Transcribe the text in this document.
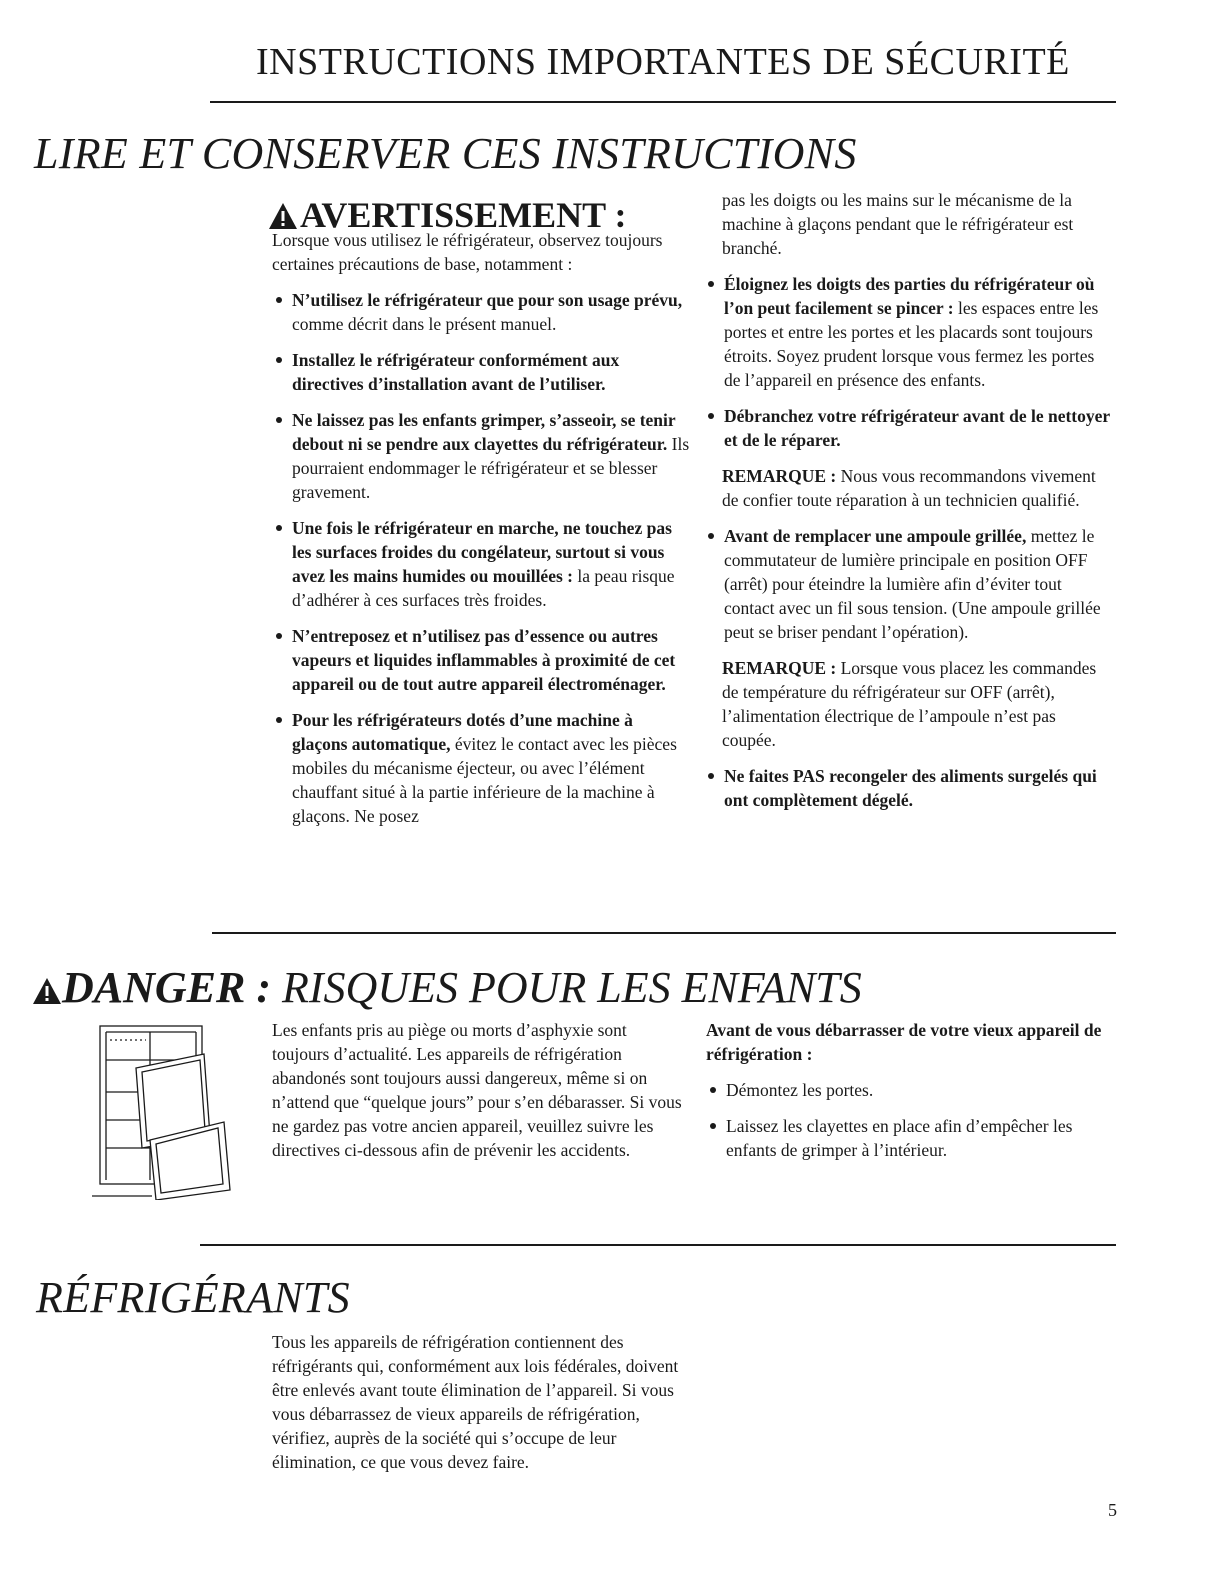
INSTRUCTIONS IMPORTANTES DE SÉCURITÉ
LIRE ET CONSERVER CES INSTRUCTIONS
AVERTISSEMENT :

Lorsque vous utilisez le réfrigérateur, observez toujours certaines précautions de base, notamment :

N’utilisez le réfrigérateur que pour son usage prévu, comme décrit dans le présent manuel.
Installez le réfrigérateur conformément aux directives d’installation avant de l’utiliser.
Ne laissez pas les enfants grimper, s’asseoir, se tenir debout ni se pendre aux clayettes du réfrigérateur. Ils pourraient endommager le réfrigérateur et se blesser gravement.
Une fois le réfrigérateur en marche, ne touchez pas les surfaces froides du congélateur, surtout si vous avez les mains humides ou mouillées : la peau risque d’adhérer à ces surfaces très froides.
N’entreposez et n’utilisez pas d’essence ou autres vapeurs et liquides inflammables à proximité de cet appareil ou de tout autre appareil électroménager.
Pour les réfrigérateurs dotés d’une machine à glaçons automatique, évitez le contact avec les pièces mobiles du mécanisme éjecteur, ou avec l’élément chauffant situé à la partie inférieure de la machine à glaçons. Ne posez

pas les doigts ou les mains sur le mécanisme de la machine à glaçons pendant que le réfrigérateur est branché.

Éloignez les doigts des parties du réfrigérateur où l’on peut facilement se pincer : les espaces entre les portes et entre les portes et les placards sont toujours étroits. Soyez prudent lorsque vous fermez les portes de l’appareil en présence des enfants.
Débranchez votre réfrigérateur avant de le nettoyer et de le réparer.

REMARQUE : Nous vous recommandons vivement de confier toute réparation à un technicien qualifié.

Avant de remplacer une ampoule grillée, mettez le commutateur de lumière principale en position OFF (arrêt) pour éteindre la lumière afin d’éviter tout contact avec un fil sous tension. (Une ampoule grillée peut se briser pendant l’opération).

REMARQUE : Lorsque vous placez les commandes de température du réfrigérateur sur OFF (arrêt), l’alimentation électrique de l’ampoule n’est pas coupée.

Ne faites PAS recongeler des aliments surgelés qui ont complètement dégelé.
DANGER : RISQUES POUR LES ENFANTS
Les enfants pris au piège ou morts d’asphyxie sont toujours d’actualité. Les appareils de réfrigération abandonés sont toujours aussi dangereux, même si on n’attend que “quelque jours” pour s’en débarasser. Si vous ne gardez pas votre ancien appareil, veuillez suivre les directives ci-dessous afin de prévenir les accidents.

Avant de vous débarrasser de votre vieux appareil de réfrigération :

Démontez les portes.
Laissez les clayettes en place afin d’empêcher les enfants de grimper à l’intérieur.
RÉFRIGÉRANTS
Tous les appareils de réfrigération contiennent des réfrigérants qui, conformément aux lois fédérales, doivent être enlevés avant toute élimination de l’appareil. Si vous vous débarrassez de vieux appareils de réfrigération, vérifiez, auprès de la société qui s’occupe de leur élimination, ce que vous devez faire.
5
